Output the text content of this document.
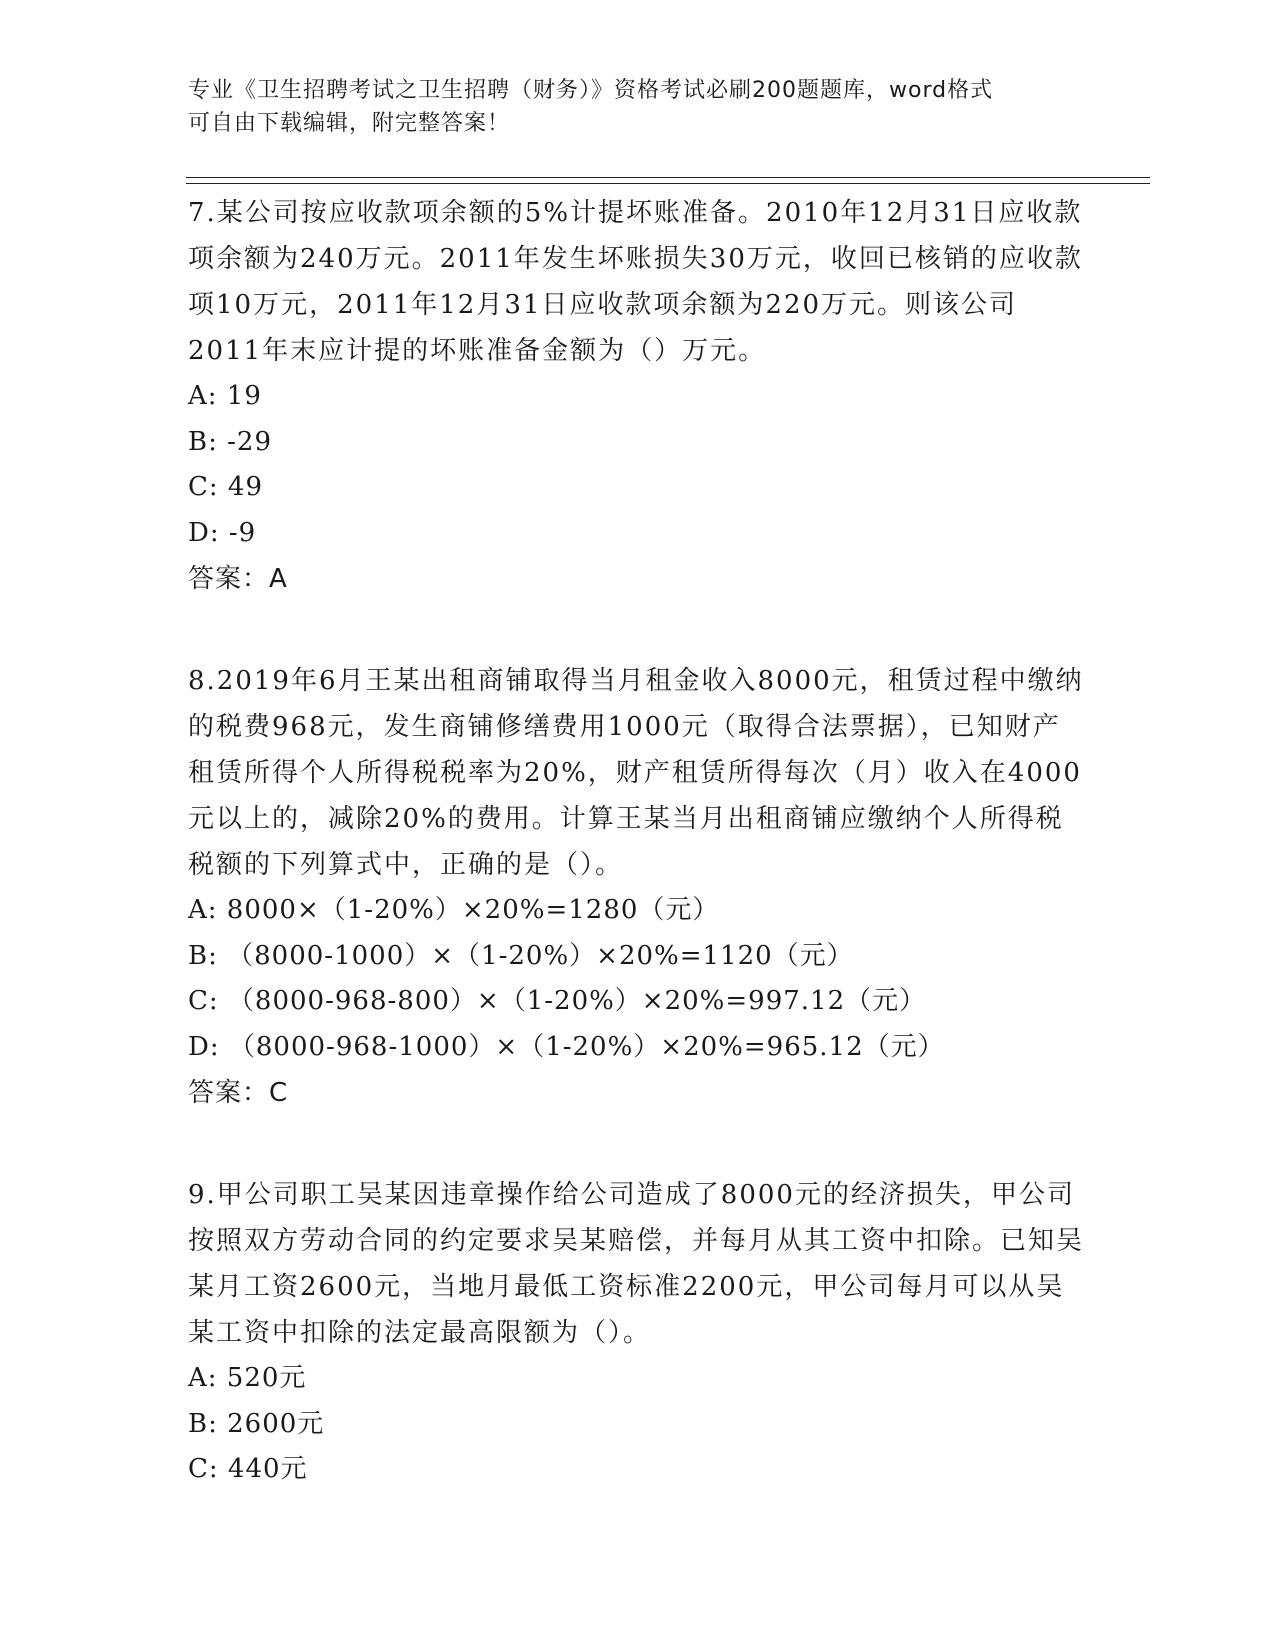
专业《卫生招聘考试之卫生招聘（财务）》资格考试必刷200题题库，word格式
可自由下载编辑，附完整答案！

7.某公司按应收款项余额的5%计提坏账准备。2010年12月31日应收款项余额为240万元。2011年发生坏账损失30万元，收回已核销的应收款项10万元，2011年12月31日应收款项余额为220万元。则该公司2011年末应计提的坏账准备金额为（）万元。

A: 19
B: -29
C: 49
D: -9
答案：A

8.2019年6月王某出租商铺取得当月租金收入8000元，租赁过程中缴纳的税费968元，发生商铺修缮费用1000元（取得合法票据），已知财产租赁所得个人所得税税率为20%，财产租赁所得每次（月）收入在4000元以上的，减除20%的费用。计算王某当月出租商铺应缴纳个人所得税税额的下列算式中，正确的是（）。

A: 8000×（1-20%）×20%=1280（元）
B: （8000-1000）×（1-20%）×20%=1120（元）
C: （8000-968-800）×（1-20%）×20%=997.12（元）
D: （8000-968-1000）×（1-20%）×20%=965.12（元）
答案：C

9.甲公司职工吴某因违章操作给公司造成了8000元的经济损失，甲公司按照双方劳动合同的约定要求吴某赔偿，并每月从其工资中扣除。已知吴某月工资2600元，当地月最低工资标准2200元，甲公司每月可以从吴某工资中扣除的法定最高限额为（）。

A: 520元
B: 2600元
C: 440元
